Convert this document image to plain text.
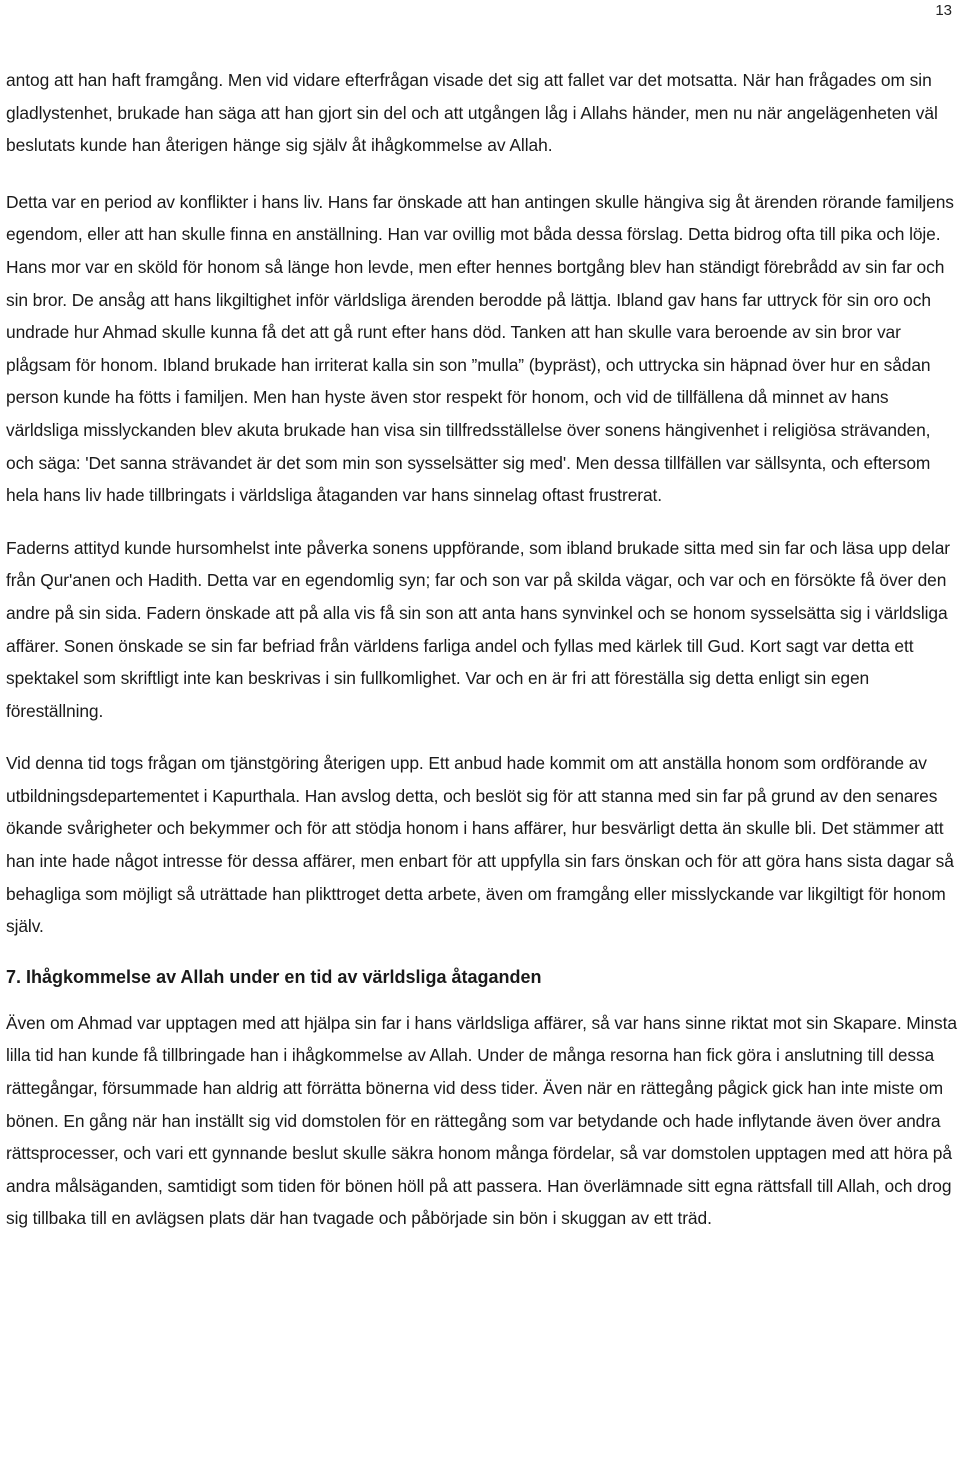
13

antog att han haft framgång. Men vid vidare efterfrågan visade det sig att fallet var det motsatta. När han frågades om sin gladlystenhet, brukade han säga att han gjort sin del och att utgången låg i Allahs händer, men nu när angelägenheten väl beslutats kunde han återigen hänge sig själv åt ihågkommelse av Allah.

Detta var en period av konflikter i hans liv. Hans far önskade att han antingen skulle hängiva sig åt ärenden rörande familjens egendom, eller att han skulle finna en anställning. Han var ovillig mot båda dessa förslag. Detta bidrog ofta till pika och löje. Hans mor var en sköld för honom så länge hon levde, men efter hennes bortgång blev han ständigt förebrådd av sin far och sin bror. De ansåg att hans likgiltighet inför världsliga ärenden berodde på lättja. Ibland gav hans far uttryck för sin oro och undrade hur Ahmad skulle kunna få det att gå runt efter hans död. Tanken att han skulle vara beroende av sin bror var plågsam för honom. Ibland brukade han irriterat kalla sin son ”mulla” (bypräst), och uttrycka sin häpnad över hur en sådan person kunde ha fötts i familjen. Men han hyste även stor respekt för honom, och vid de tillfällena då minnet av hans världsliga misslyckanden blev akuta brukade han visa sin tillfredsställelse över sonens hängivenhet i religiösa strävanden, och säga: 'Det sanna strävandet är det som min son sysselsätter sig med'. Men dessa tillfällen var sällsynta, och eftersom hela hans liv hade tillbringats i världsliga åtaganden var hans sinnelag oftast frustrerat.

Faderns attityd kunde hursomhelst inte påverka sonens uppförande, som ibland brukade sitta med sin far och läsa upp delar från Qur'anen och Hadith. Detta var en egendomlig syn; far och son var på skilda vägar, och var och en försökte få över den andre på sin sida. Fadern önskade att på alla vis få sin son att anta hans synvinkel och se honom sysselsätta sig i världsliga affärer. Sonen önskade se sin far befriad från världens farliga andel och fyllas med kärlek till Gud. Kort sagt var detta ett spektakel som skriftligt inte kan beskrivas i sin fullkomlighet. Var och en är fri att föreställa sig detta enligt sin egen föreställning.

Vid denna tid togs frågan om tjänstgöring återigen upp. Ett anbud hade kommit om att anställa honom som ordförande av utbildningsdepartementet i Kapurthala. Han avslog detta, och beslöt sig för att stanna med sin far på grund av den senares ökande svårigheter och bekymmer och för att stödja honom i hans affärer, hur besvärligt detta än skulle bli. Det stämmer att han inte hade något intresse för dessa affärer, men enbart för att uppfylla sin fars önskan och för att göra hans sista dagar så behagliga som möjligt så uträttade han plikttroget detta arbete, även om framgång eller misslyckande var likgiltigt för honom själv.

7. Ihågkommelse av Allah under en tid av världsliga åtaganden

Även om Ahmad var upptagen med att hjälpa sin far i hans världsliga affärer, så var hans sinne riktat mot sin Skapare. Minsta lilla tid han kunde få tillbringade han i ihågkommelse av Allah. Under de många resorna han fick göra i anslutning till dessa rättegångar, försummade han aldrig att förrätta bönerna vid dess tider. Även när en rättegång pågick gick han inte miste om bönen. En gång när han inställt sig vid domstolen för en rättegång som var betydande och hade inflytande även över andra rättsprocesser, och vari ett gynnande beslut skulle säkra honom många fördelar, så var domstolen upptagen med att höra på andra målsäganden, samtidigt som tiden för bönen höll på att passera. Han överlämnade sitt egna rättsfall till Allah, och drog sig tillbaka till en avlägsen plats där han tvagade och påbörjade sin bön i skuggan av ett träd.
